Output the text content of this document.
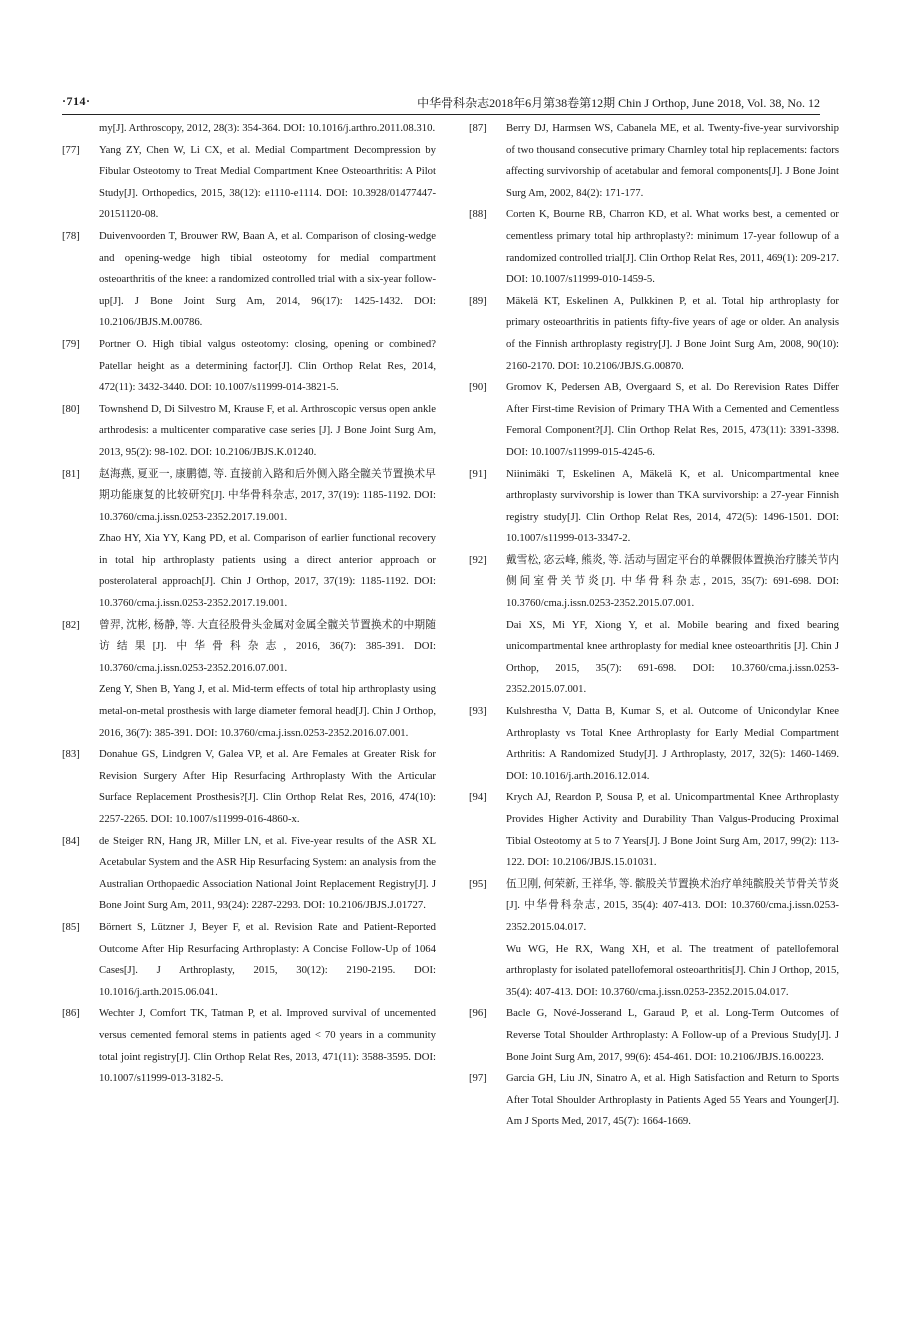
·714·	中华骨科杂志2018年6月第38卷第12期 Chin J Orthop, June 2018, Vol. 38, No. 12
my[J]. Arthroscopy, 2012, 28(3): 354-364. DOI: 10.1016/j.arthro.2011.08.310.
[77]	Yang ZY, Chen W, Li CX, et al. Medial Compartment Decompression by Fibular Osteotomy to Treat Medial Compartment Knee Osteoarthritis: A Pilot Study[J]. Orthopedics, 2015, 38(12): e1110-e1114. DOI: 10.3928/01477447-20151120-08.
[78]	Duivenvoorden T, Brouwer RW, Baan A, et al. Comparison of closing-wedge and opening-wedge high tibial osteotomy for medial compartment osteoarthritis of the knee: a randomized controlled trial with a six-year follow-up[J]. J Bone Joint Surg Am, 2014, 96(17): 1425-1432. DOI: 10.2106/JBJS.M.00786.
[79]	Portner O. High tibial valgus osteotomy: closing, opening or combined? Patellar height as a determining factor[J]. Clin Orthop Relat Res, 2014, 472(11): 3432-3440. DOI: 10.1007/s11999-014-3821-5.
[80]	Townshend D, Di Silvestro M, Krause F, et al. Arthroscopic versus open ankle arthrodesis: a multicenter comparative case series [J]. J Bone Joint Surg Am, 2013, 95(2): 98-102. DOI: 10.2106/JBJS.K.01240.
[81]	赵海燕, 夏亚一, 康鹏德, 等. 直接前入路和后外侧入路全髋关节置换术早期功能康复的比较研究[J]. 中华骨科杂志, 2017, 37(19): 1185-1192. DOI: 10.3760/cma.j.issn.0253-2352.2017.19.001.
Zhao HY, Xia YY, Kang PD, et al. Comparison of earlier functional recovery in total hip arthroplasty patients using a direct anterior approach or posterolateral approach[J]. Chin J Orthop, 2017, 37(19): 1185-1192. DOI: 10.3760/cma.j.issn.0253-2352.2017.19.001.
[82]	曾羿, 沈彬, 杨静, 等. 大直径股骨头金属对金属全髋关节置换术的中期随访结果[J]. 中华骨科杂志, 2016, 36(7): 385-391. DOI: 10.3760/cma.j.issn.0253-2352.2016.07.001.
Zeng Y, Shen B, Yang J, et al. Mid-term effects of total hip arthroplasty using metal-on-metal prosthesis with large diameter femoral head[J]. Chin J Orthop, 2016, 36(7): 385-391. DOI: 10.3760/cma.j.issn.0253-2352.2016.07.001.
[83]	Donahue GS, Lindgren V, Galea VP, et al. Are Females at Greater Risk for Revision Surgery After Hip Resurfacing Arthroplasty With the Articular Surface Replacement Prosthesis?[J]. Clin Orthop Relat Res, 2016, 474(10): 2257-2265. DOI: 10.1007/s11999-016-4860-x.
[84]	de Steiger RN, Hang JR, Miller LN, et al. Five-year results of the ASR XL Acetabular System and the ASR Hip Resurfacing System: an analysis from the Australian Orthopaedic Association National Joint Replacement Registry[J]. J Bone Joint Surg Am, 2011, 93(24): 2287-2293. DOI: 10.2106/JBJS.J.01727.
[85]	Börnert S, Lützner J, Beyer F, et al. Revision Rate and Patient-Reported Outcome After Hip Resurfacing Arthroplasty: A Concise Follow-Up of 1064 Cases[J]. J Arthroplasty, 2015, 30(12): 2190-2195. DOI: 10.1016/j.arth.2015.06.041.
[86]	Wechter J, Comfort TK, Tatman P, et al. Improved survival of uncemented versus cemented femoral stems in patients aged < 70 years in a community total joint registry[J]. Clin Orthop Relat Res, 2013, 471(11): 3588-3595. DOI: 10.1007/s11999-013-3182-5.
[87]	Berry DJ, Harmsen WS, Cabanela ME, et al. Twenty-five-year survivorship of two thousand consecutive primary Charnley total hip replacements: factors affecting survivorship of acetabular and femoral components[J]. J Bone Joint Surg Am, 2002, 84(2): 171-177.
[88]	Corten K, Bourne RB, Charron KD, et al. What works best, a cemented or cementless primary total hip arthroplasty?: minimum 17-year followup of a randomized controlled trial[J]. Clin Orthop Relat Res, 2011, 469(1): 209-217. DOI: 10.1007/s11999-010-1459-5.
[89]	Mäkelä KT, Eskelinen A, Pulkkinen P, et al. Total hip arthroplasty for primary osteoarthritis in patients fifty-five years of age or older. An analysis of the Finnish arthroplasty registry[J]. J Bone Joint Surg Am, 2008, 90(10): 2160-2170. DOI: 10.2106/JBJS.G.00870.
[90]	Gromov K, Pedersen AB, Overgaard S, et al. Do Rerevision Rates Differ After First-time Revision of Primary THA With a Cemented and Cementless Femoral Component?[J]. Clin Orthop Relat Res, 2015, 473(11): 3391-3398. DOI: 10.1007/s11999-015-4245-6.
[91]	Niinimäki T, Eskelinen A, Mäkelä K, et al. Unicompartmental knee arthroplasty survivorship is lower than TKA survivorship: a 27-year Finnish registry study[J]. Clin Orthop Relat Res, 2014, 472(5): 1496-1501. DOI: 10.1007/s11999-013-3347-2.
[92]	戴雪松, 宓云峰, 熊炎, 等. 活动与固定平台的单髁假体置换治疗膝关节内侧间室骨关节炎[J]. 中华骨科杂志, 2015, 35(7): 691-698. DOI: 10.3760/cma.j.issn.0253-2352.2015.07.001.
Dai XS, Mi YF, Xiong Y, et al. Mobile bearing and fixed bearing unicompartmental knee arthroplasty for medial knee osteoarthritis [J]. Chin J Orthop, 2015, 35(7): 691-698. DOI: 10.3760/cma.j.issn.0253-2352.2015.07.001.
[93]	Kulshrestha V, Datta B, Kumar S, et al. Outcome of Unicondylar Knee Arthroplasty vs Total Knee Arthroplasty for Early Medial Compartment Arthritis: A Randomized Study[J]. J Arthroplasty, 2017, 32(5): 1460-1469. DOI: 10.1016/j.arth.2016.12.014.
[94]	Krych AJ, Reardon P, Sousa P, et al. Unicompartmental Knee Arthroplasty Provides Higher Activity and Durability Than Valgus-Producing Proximal Tibial Osteotomy at 5 to 7 Years[J]. J Bone Joint Surg Am, 2017, 99(2): 113-122. DOI: 10.2106/JBJS.15.01031.
[95]	伍卫刚, 何荣新, 王祥华, 等. 髌股关节置换术治疗单纯髌股关节骨关节炎[J]. 中华骨科杂志, 2015, 35(4): 407-413. DOI: 10.3760/cma.j.issn.0253-2352.2015.04.017.
Wu WG, He RX, Wang XH, et al. The treatment of patellofemoral arthroplasty for isolated patellofemoral osteoarthritis[J]. Chin J Orthop, 2015, 35(4): 407-413. DOI: 10.3760/cma.j.issn.0253-2352.2015.04.017.
[96]	Bacle G, Nové-Josserand L, Garaud P, et al. Long-Term Outcomes of Reverse Total Shoulder Arthroplasty: A Follow-up of a Previous Study[J]. J Bone Joint Surg Am, 2017, 99(6): 454-461. DOI: 10.2106/JBJS.16.00223.
[97]	Garcia GH, Liu JN, Sinatro A, et al. High Satisfaction and Return to Sports After Total Shoulder Arthroplasty in Patients Aged 55 Years and Younger[J]. Am J Sports Med, 2017, 45(7): 1664-1669.
